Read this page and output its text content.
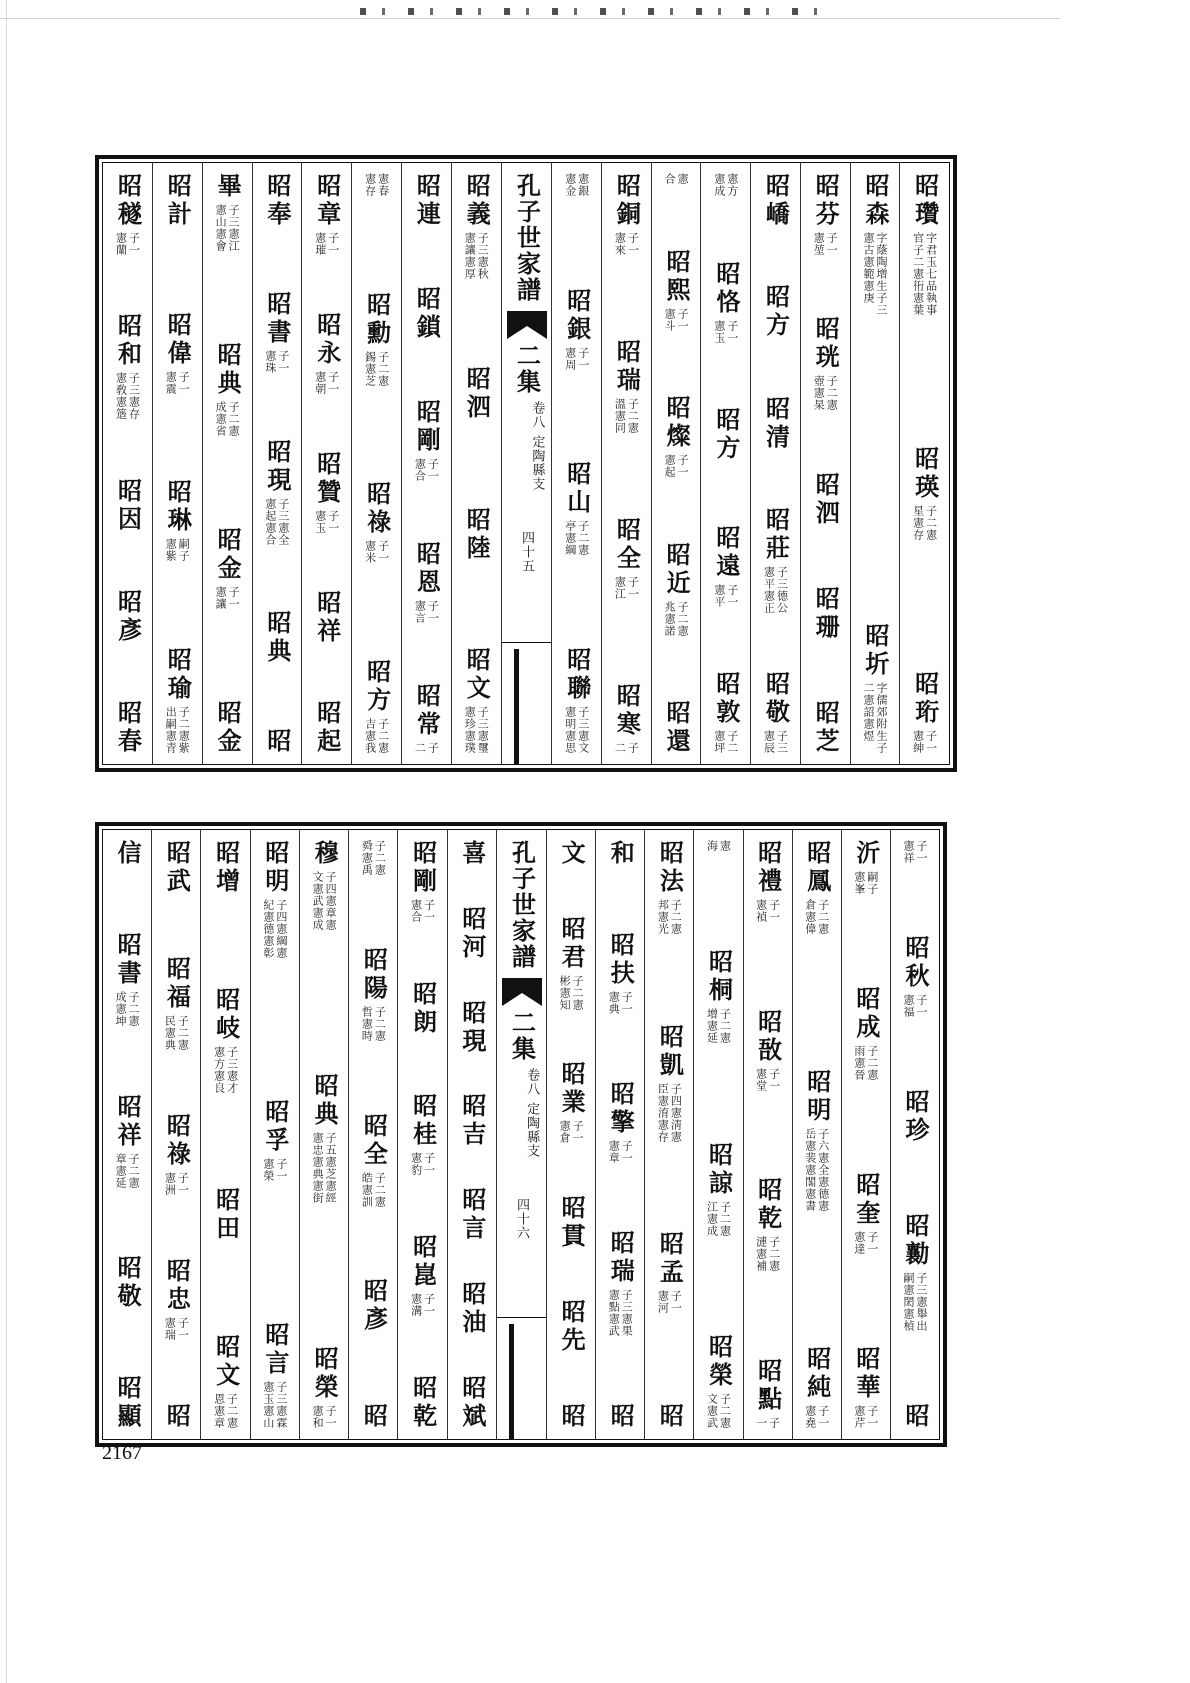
昭瓚
字君玉七品執事官子二憲衎憲葉
昭瑛
子二憲星憲存
昭珩
子一憲紳
昭森
字蔭陶增生子三憲古憲範憲庚
昭圻
字儒郊附生子二憲詔憲煜
昭芬
子一憲堃
昭珖
子二憲壺憲杲
昭泗
昭珊
昭芝
昭嶠
昭方
昭清
昭莊
子三德公憲平憲正
昭敬
子三憲辰
憲方憲成
昭恪
子一憲玉
昭方
昭遠
子一憲平
昭敦
子二憲坪
憲合
昭熙
子一憲斗
昭燦
子一憲起
昭近
子二憲兆憲諾
昭還
昭銅
子一憲來
昭瑞
子二憲溫憲同
昭全
子一憲江
昭寒
子二
憲銀憲金
昭銀
子一憲周
昭山
子二憲亭憲綱
昭聯
子三憲文憲明憲思
孔子世家譜
二集
卷八
定陶縣支
四十五
昭義
子三憲秋憲讓憲厚
昭泗
昭陸
昭文
子三憲璽憲珍憲璞
昭連
昭鎖
昭剛
子一憲合
昭恩
子一憲言
昭常
子二
憲春憲存
昭勳
子二憲錫憲芝
昭祿
子一憲米
昭方
子二憲吉憲我
昭章
子一憲璀
昭永
子一憲朝
昭贊
子一憲玉
昭祥
昭起
昭奉
昭書
子一憲珠
昭現
子三憲全憲起憲合
昭典
昭
畢
子三憲江憲山憲會
昭典
子二憲成憲省
昭金
子一憲讓
昭金
昭計
昭偉
子一憲震
昭琳
嗣子憲紫
昭瑜
子二憲紫出嗣憲青
昭穟
子一憲蘭
昭和
子三憲存憲敎憲簉
昭因
昭彥
昭春
子一憲祥
昭秋
子一憲福
昭珍
昭勷
子三憲舉出嗣憲閎憲楨
昭
沂
嗣子憲峯
昭成
子二憲雨憲晉
昭奎
子一憲達
昭華
子一憲芹
昭鳳
子二憲倉憲偉
昭明
子六憲全憲德憲岳憲裴憲閣憲書
昭純
子一憲堯
昭禮
子一憲禎
昭敔
子一憲堂
昭乾
子二憲漣憲補
昭點
子一
憲海
昭桐
子二憲增憲延
昭諒
子二憲江憲成
昭榮
子二憲文憲武
昭法
子二憲邦憲光
昭凱
子四憲淸憲臣憲淯憲存
昭孟
子一憲河
昭
和
昭扶
子一憲典
昭擎
子一憲章
昭瑞
子三憲果憲點憲武
昭
文
昭君
子二憲彬憲知
昭業
子一憲倉
昭貫
昭先
昭
孔子世家譜
二集
卷八
定陶縣支
四十六
喜
昭河
昭現
昭吉
昭言
昭油
昭斌
昭剛
子一憲合
昭朗
昭桂
子一憲豹
昭崑
子一憲溝
昭乾
子二憲舜憲禹
昭陽
子二憲哲憲時
昭全
子二憲皓憲訓
昭彥
昭
穆
子四憲章憲文憲武憲成
昭典
子五憲芝憲經憲忠憲典憲街
昭榮
子一憲和
昭明
子四憲綱憲紀憲德憲彰
昭孚
子一憲榮
昭言
子三憲霖憲玉憲山
昭增
昭岐
子三憲才憲方憲良
昭田
昭文
子二憲恩憲章
昭武
昭福
子二憲民憲典
昭祿
子一憲洲
昭忠
子一憲瑞
昭
信
昭書
子二憲成憲坤
昭祥
子二憲章憲延
昭敬
昭顯
2167
